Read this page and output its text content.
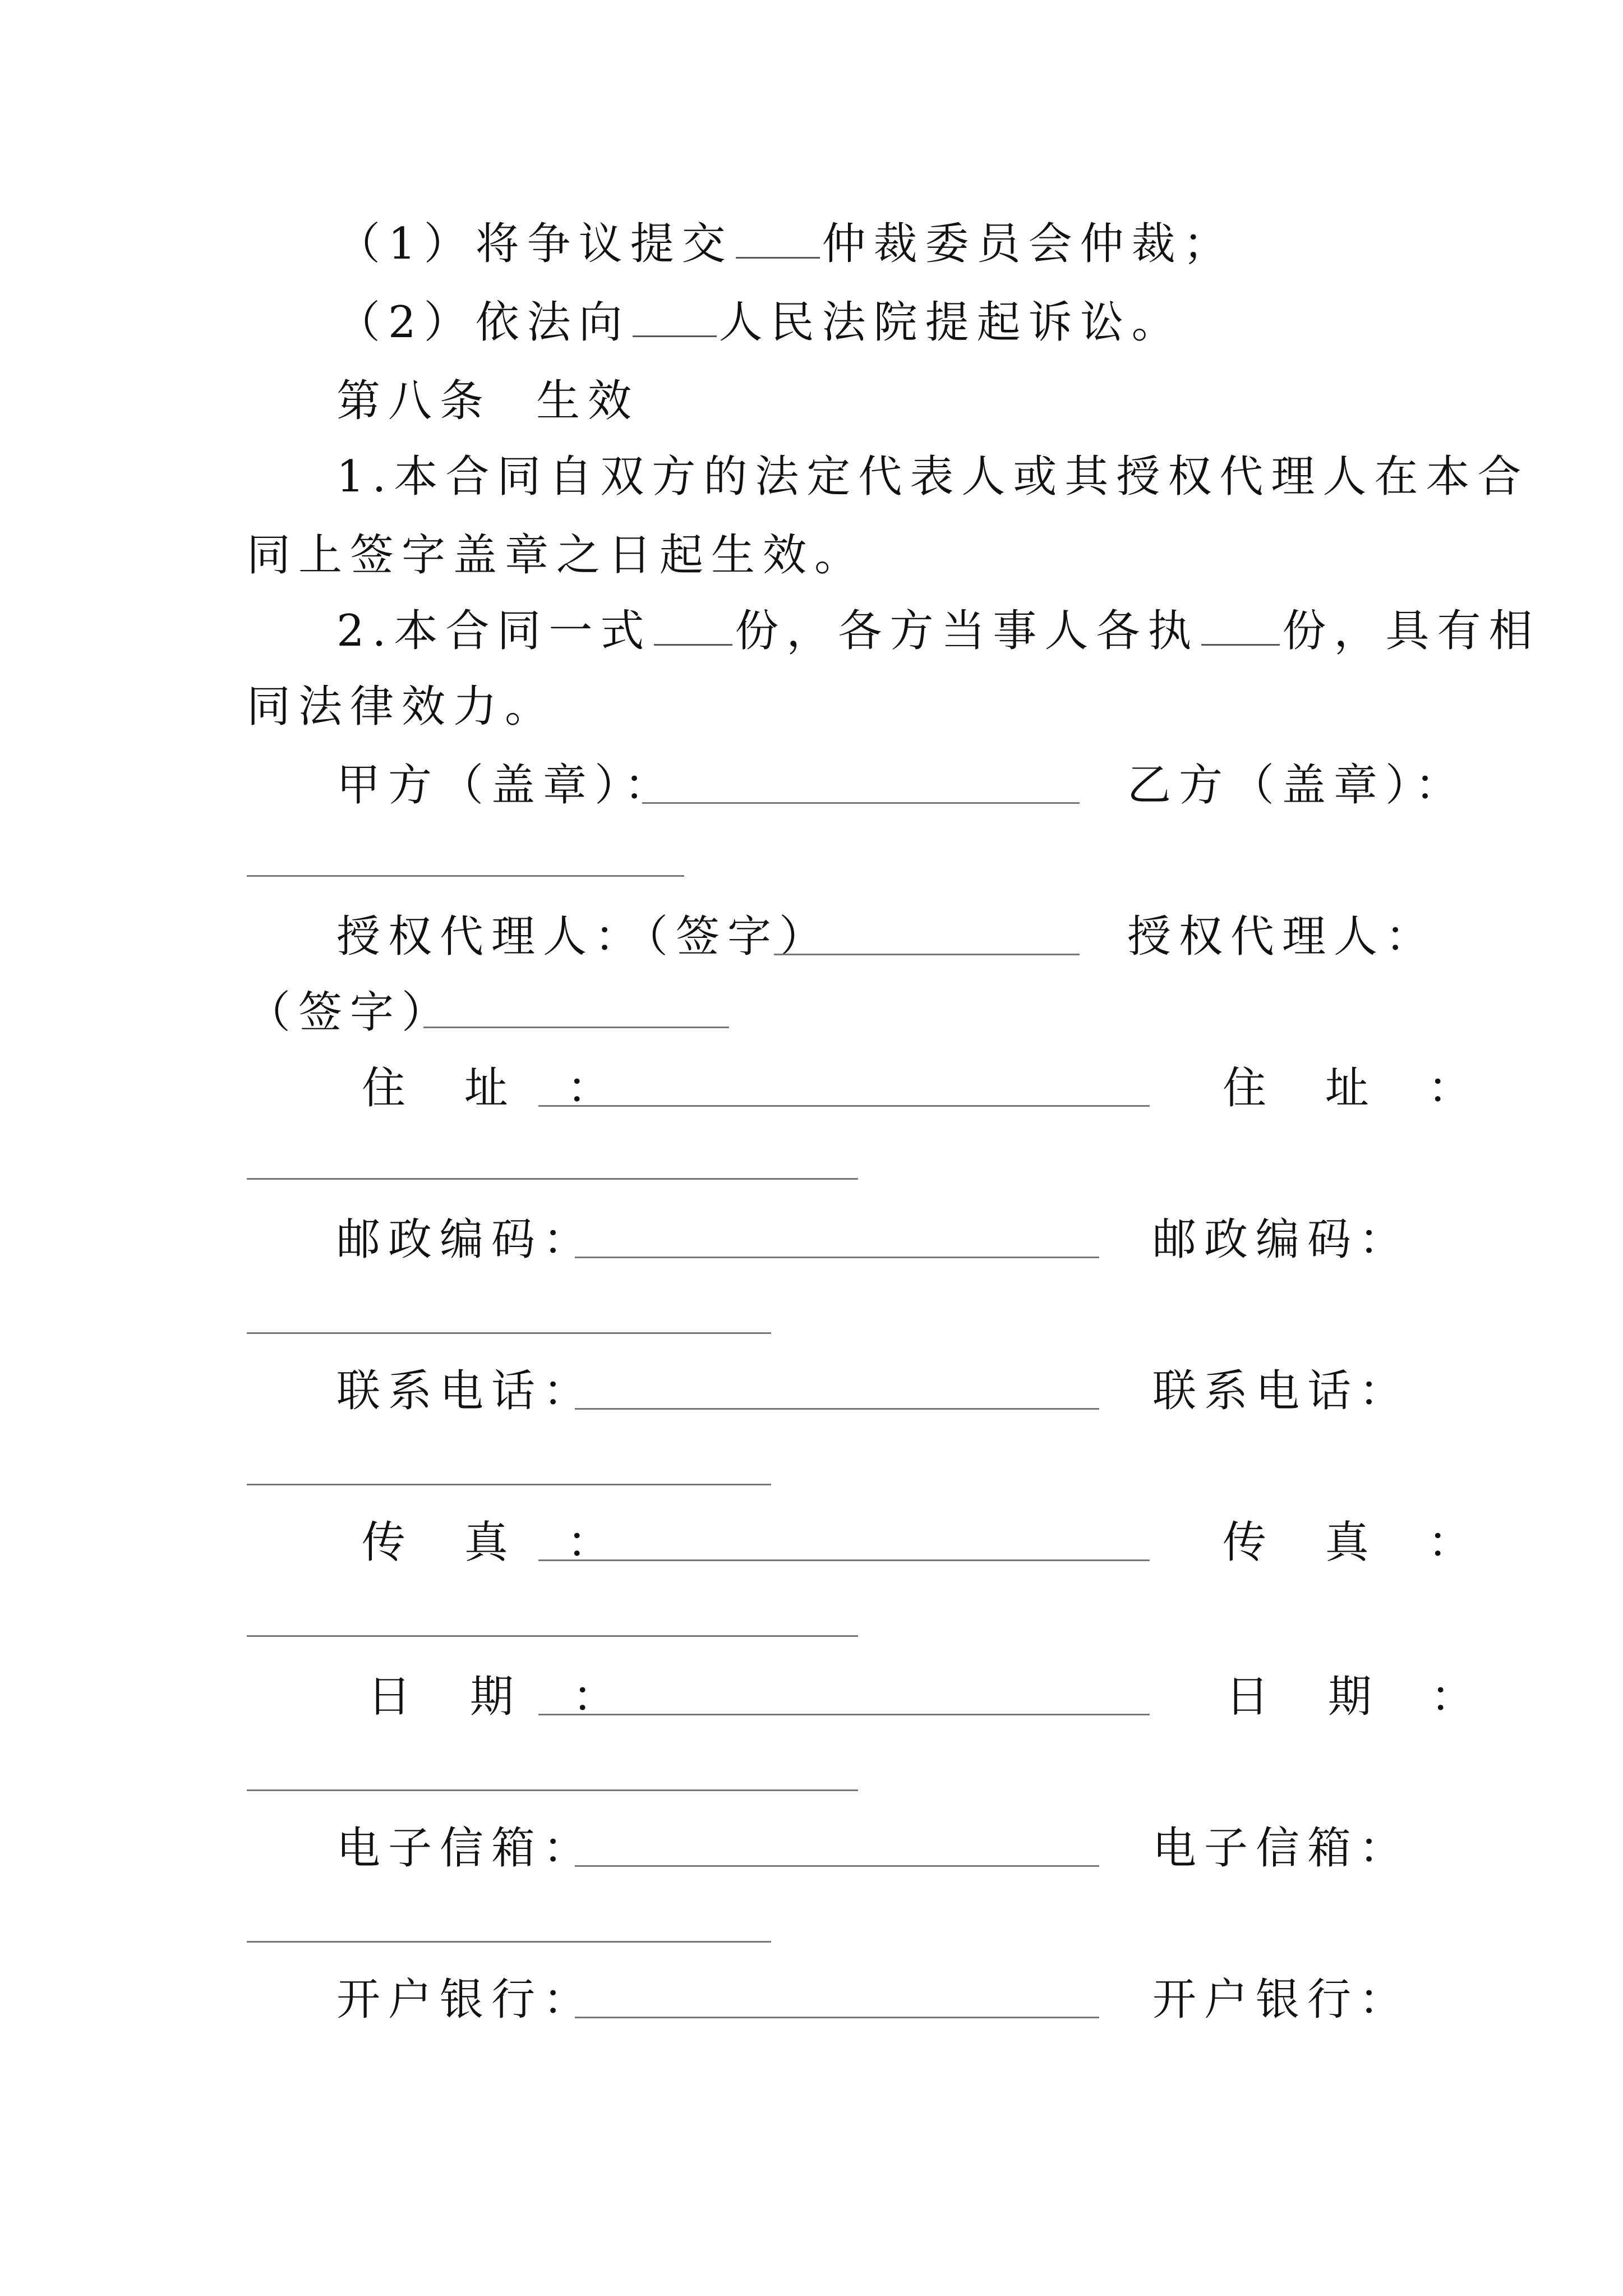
（1）将争议提交 仲裁委员会仲裁；
（2）依法向 人民法院提起诉讼。
第八条 生效
1.本合同自双方的法定代表人或其授权代理人在本合
同上签字盖章之日起生效。
2.本合同一式 份，各方当事人各执 份，具有相
同法律效力。
甲方（盖章）：	乙方（盖章）：
授权代理人：（签字）	授权代理人：
（签字）
住 址 ：	住 址 ：
邮政编码：	邮政编码：
联系电话：	联系电话：
传 真 ：	传 真 ：
日 期 ：	日 期 ：
电子信箱：	电子信箱：
开户银行：	开户银行：
